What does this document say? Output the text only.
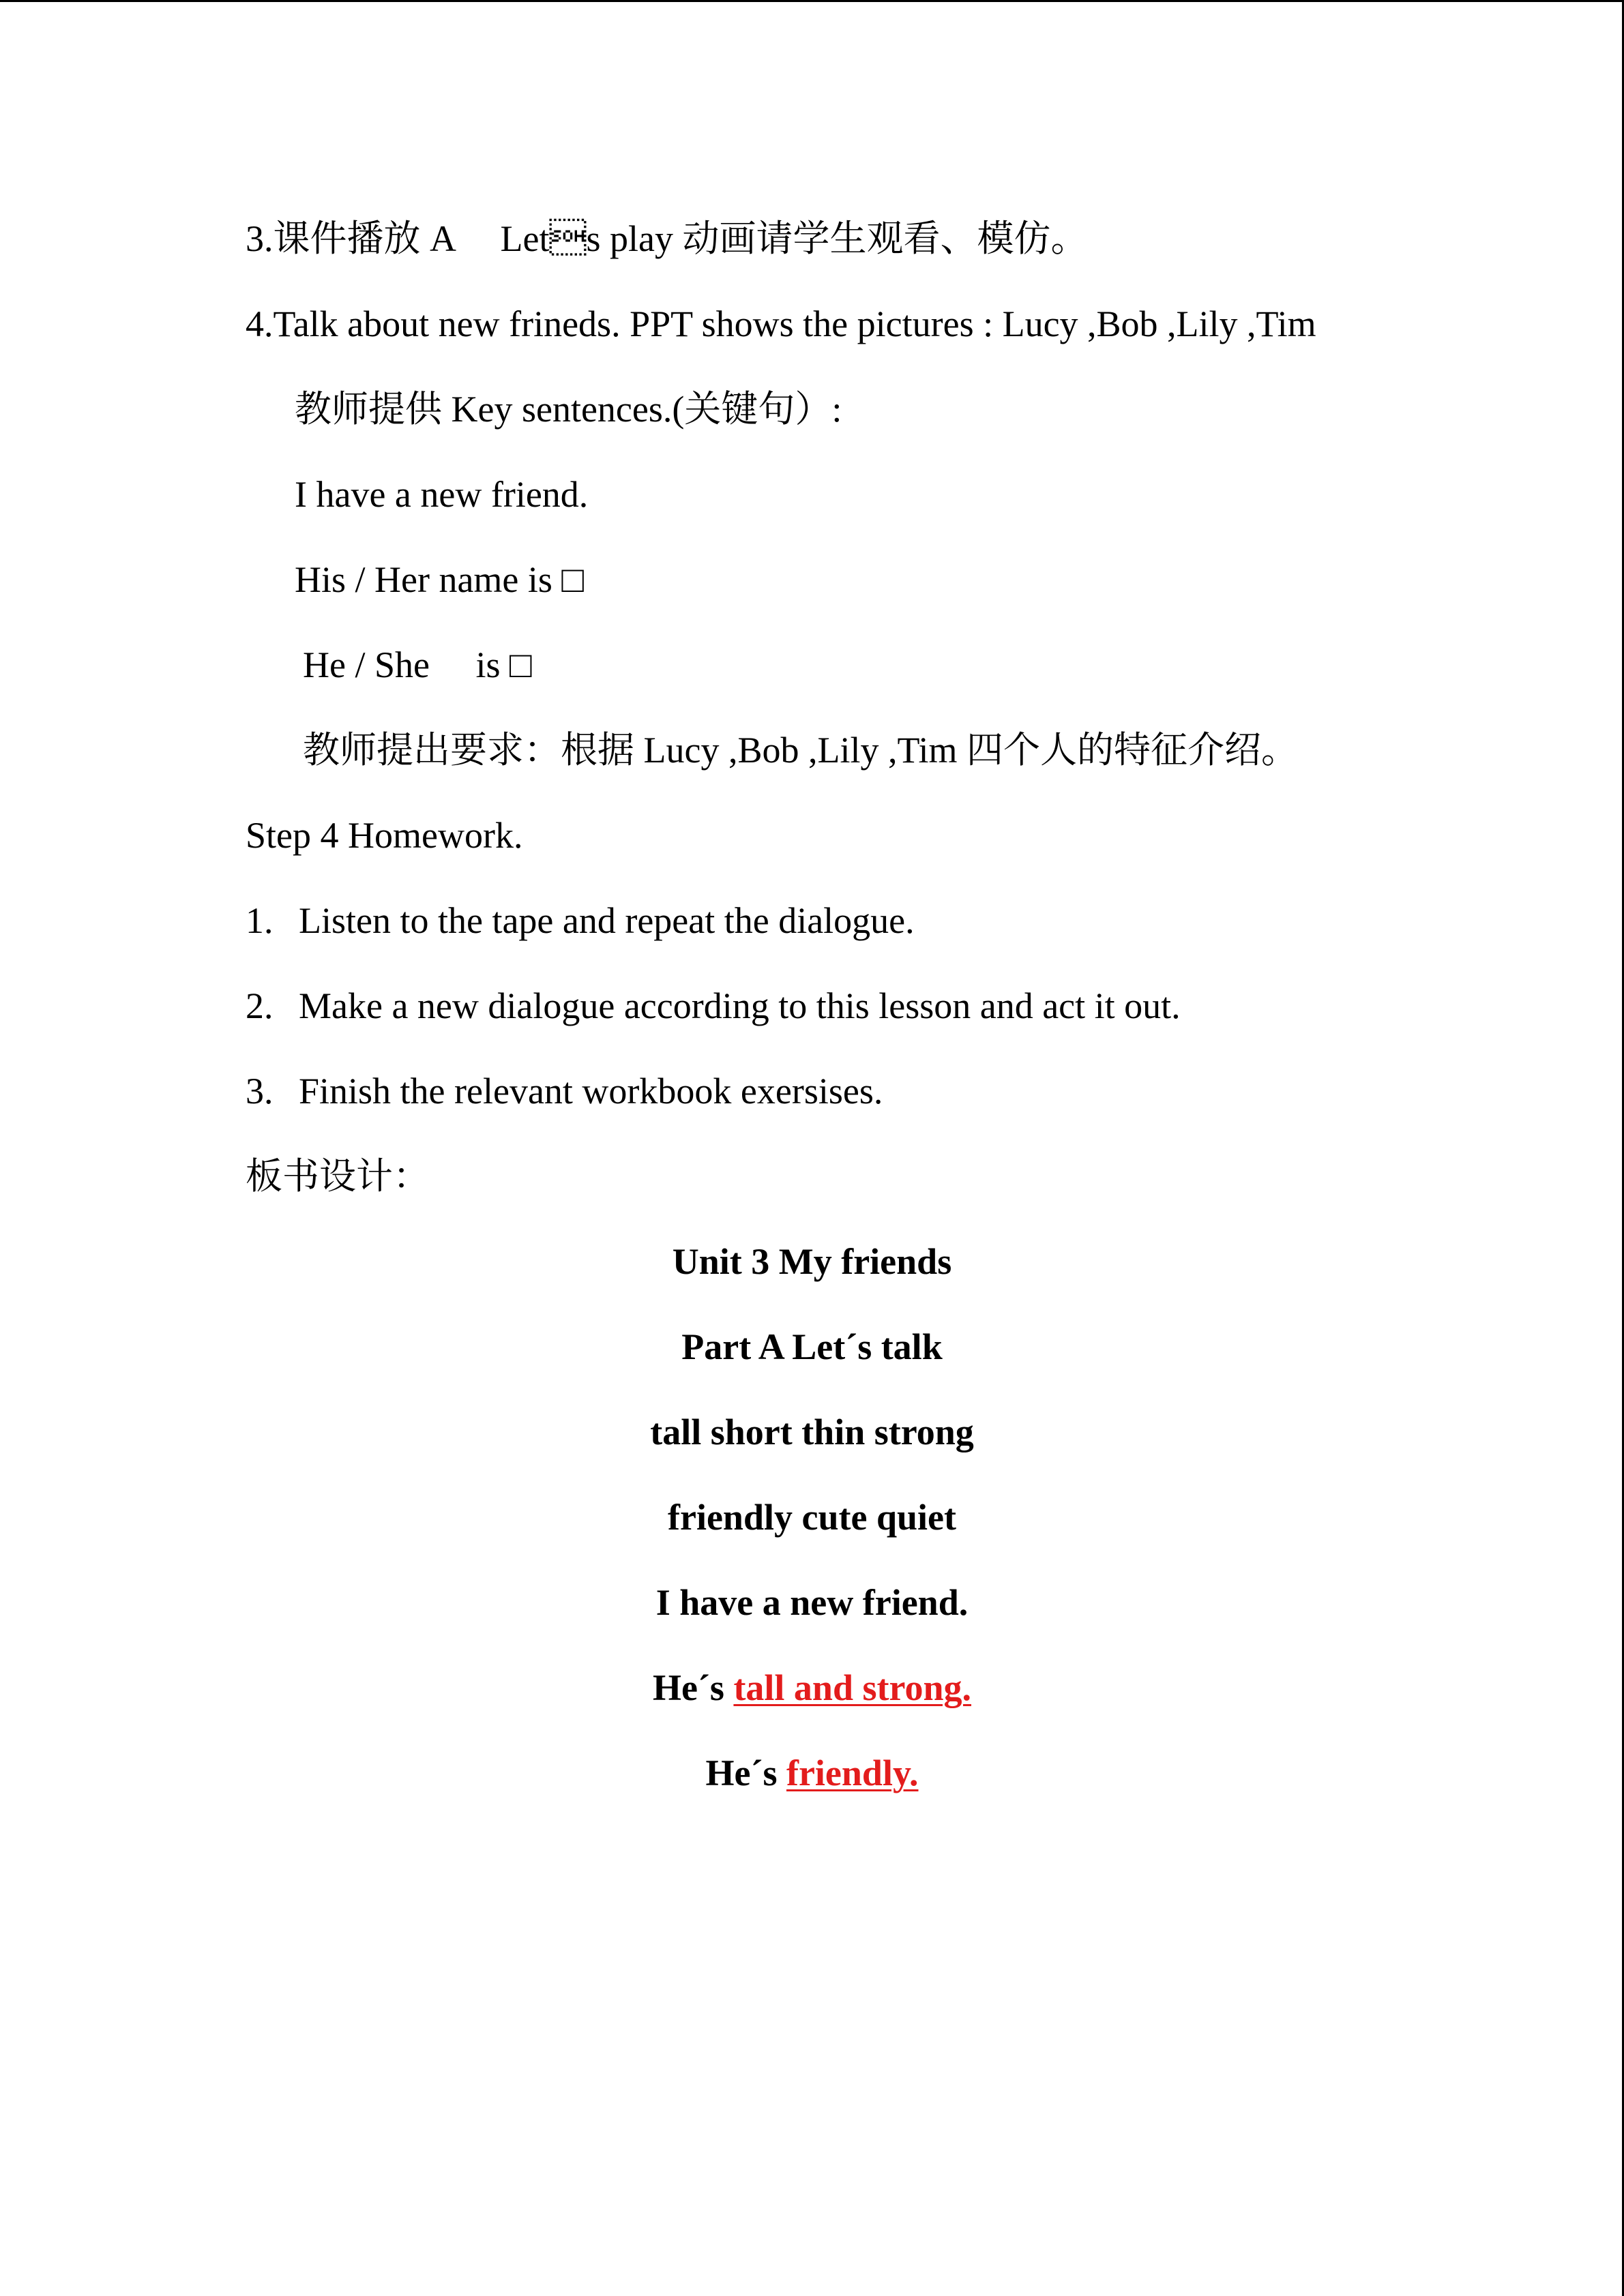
3.课件播放 A　 Lets play 动画请学生观看、模仿。

4.Talk about new frineds. PPT shows the pictures : Lucy ,Bob ,Lily ,Tim

教师提供 Key sentences.(关键句）:

I have a new friend.

His / Her name is □

He / She　 is □

教师提出要求：根据 Lucy ,Bob ,Lily ,Tim 四个人的特征介绍。

Step 4 Homework.

1. Listen to the tape and repeat the dialogue.

2. Make a new dialogue according to this lesson and act it out.

3. Finish the relevant workbook exersises.

板书设计：

Unit 3 My friends

Part A Let´s talk

tall short thin strong

friendly cute quiet

I have a new friend.

He´s tall and strong.

He´s friendly.
